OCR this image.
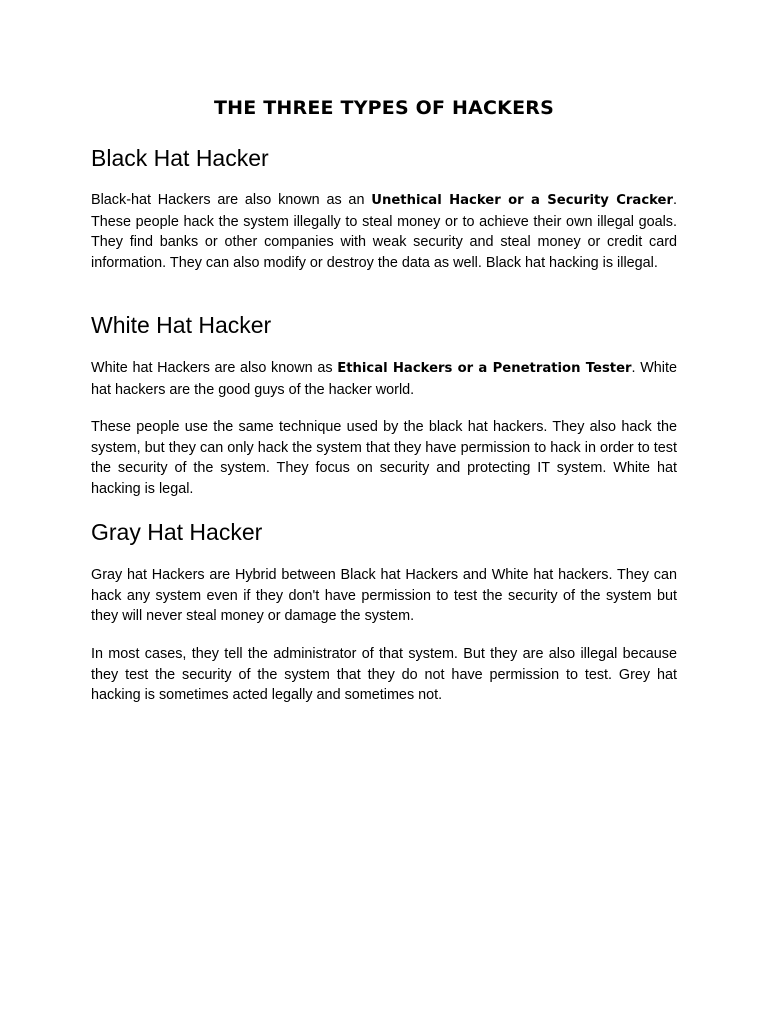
THE THREE TYPES OF HACKERS
Black Hat Hacker

Black-hat Hackers are also known as an Unethical Hacker or a Security Cracker. These people hack the system illegally to steal money or to achieve their own illegal goals. They find banks or other companies with weak security and steal money or credit card information. They can also modify or destroy the data as well. Black hat hacking is illegal.

White Hat Hacker

White hat Hackers are also known as Ethical Hackers or a Penetration Tester. White hat hackers are the good guys of the hacker world.

These people use the same technique used by the black hat hackers. They also hack the system, but they can only hack the system that they have permission to hack in order to test the security of the system. They focus on security and protecting IT system. White hat hacking is legal.

Gray Hat Hacker

Gray hat Hackers are Hybrid between Black hat Hackers and White hat hackers. They can hack any system even if they don't have permission to test the security of the system but they will never steal money or damage the system.

In most cases, they tell the administrator of that system. But they are also illegal because they test the security of the system that they do not have permission to test. Grey hat hacking is sometimes acted legally and sometimes not.
